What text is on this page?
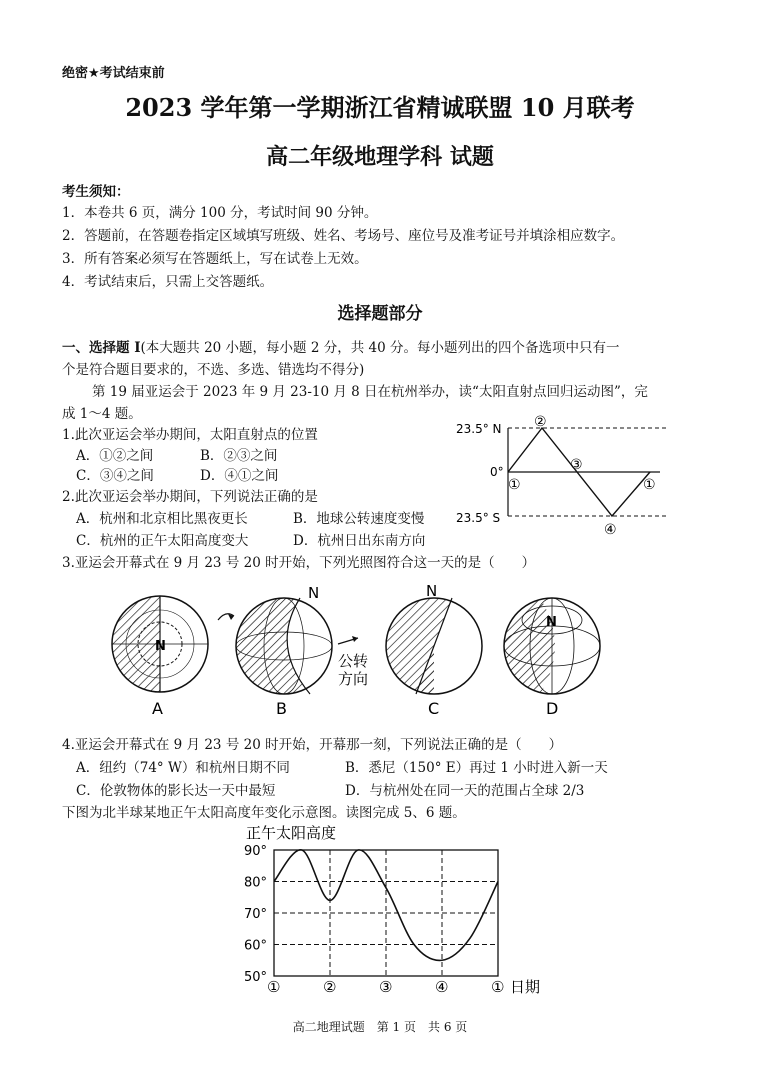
绝密★考试结束前
2023 学年第一学期浙江省精诚联盟 10 月联考
高二年级地理学科 试题
考生须知：
1．本卷共 6 页，满分 100 分，考试时间 90 分钟。
2．答题前，在答题卷指定区域填写班级、姓名、考场号、座位号及准考证号并填涂相应数字。
3．所有答案必须写在答题纸上，写在试卷上无效。
4．考试结束后，只需上交答题纸。
选择题部分
一、选择题 I(本大题共 20 小题，每小题 2 分，共 40 分。每小题列出的四个备选项中只有一
个是符合题目要求的，不选、多选、错选均不得分)
第 19 届亚运会于 2023 年 9 月 23-10 月 8 日在杭州举办，读“太阳直射点回归运动图”，完
成 1～4 题。
1.此次亚运会举办期间，太阳直射点的位置
A．①②之间	B．②③之间
C．③④之间	D．④①之间
2.此次亚运会举办期间，下列说法正确的是
A．杭州和北京相比黑夜更长	B．地球公转速度变慢
C．杭州的正午太阳高度变大	D．杭州日出东南方向
23.5° N
0°
23.5° S
①
②
③
④
①
3.亚运会开幕式在 9 月 23 号 20 时开始，下列光照图符合这一天的是（　　）
N
A
N
B
公转
方向
N
C
N
D
4.亚运会开幕式在 9 月 23 号 20 时开始，开幕那一刻，下列说法正确的是（　　）
A．纽约（74° W）和杭州日期不同	B．悉尼（150° E）再过 1 小时进入新一天
C．伦敦物体的影长达一天中最短	D．与杭州处在同一天的范围占全球 2/3
下图为北半球某地正午太阳高度年变化示意图。读图完成 5、6 题。
正午太阳高度
90°
80°
70°
60°
50°
①	②	③	④	① 日期
高二地理试题　第 1 页　共 6 页
